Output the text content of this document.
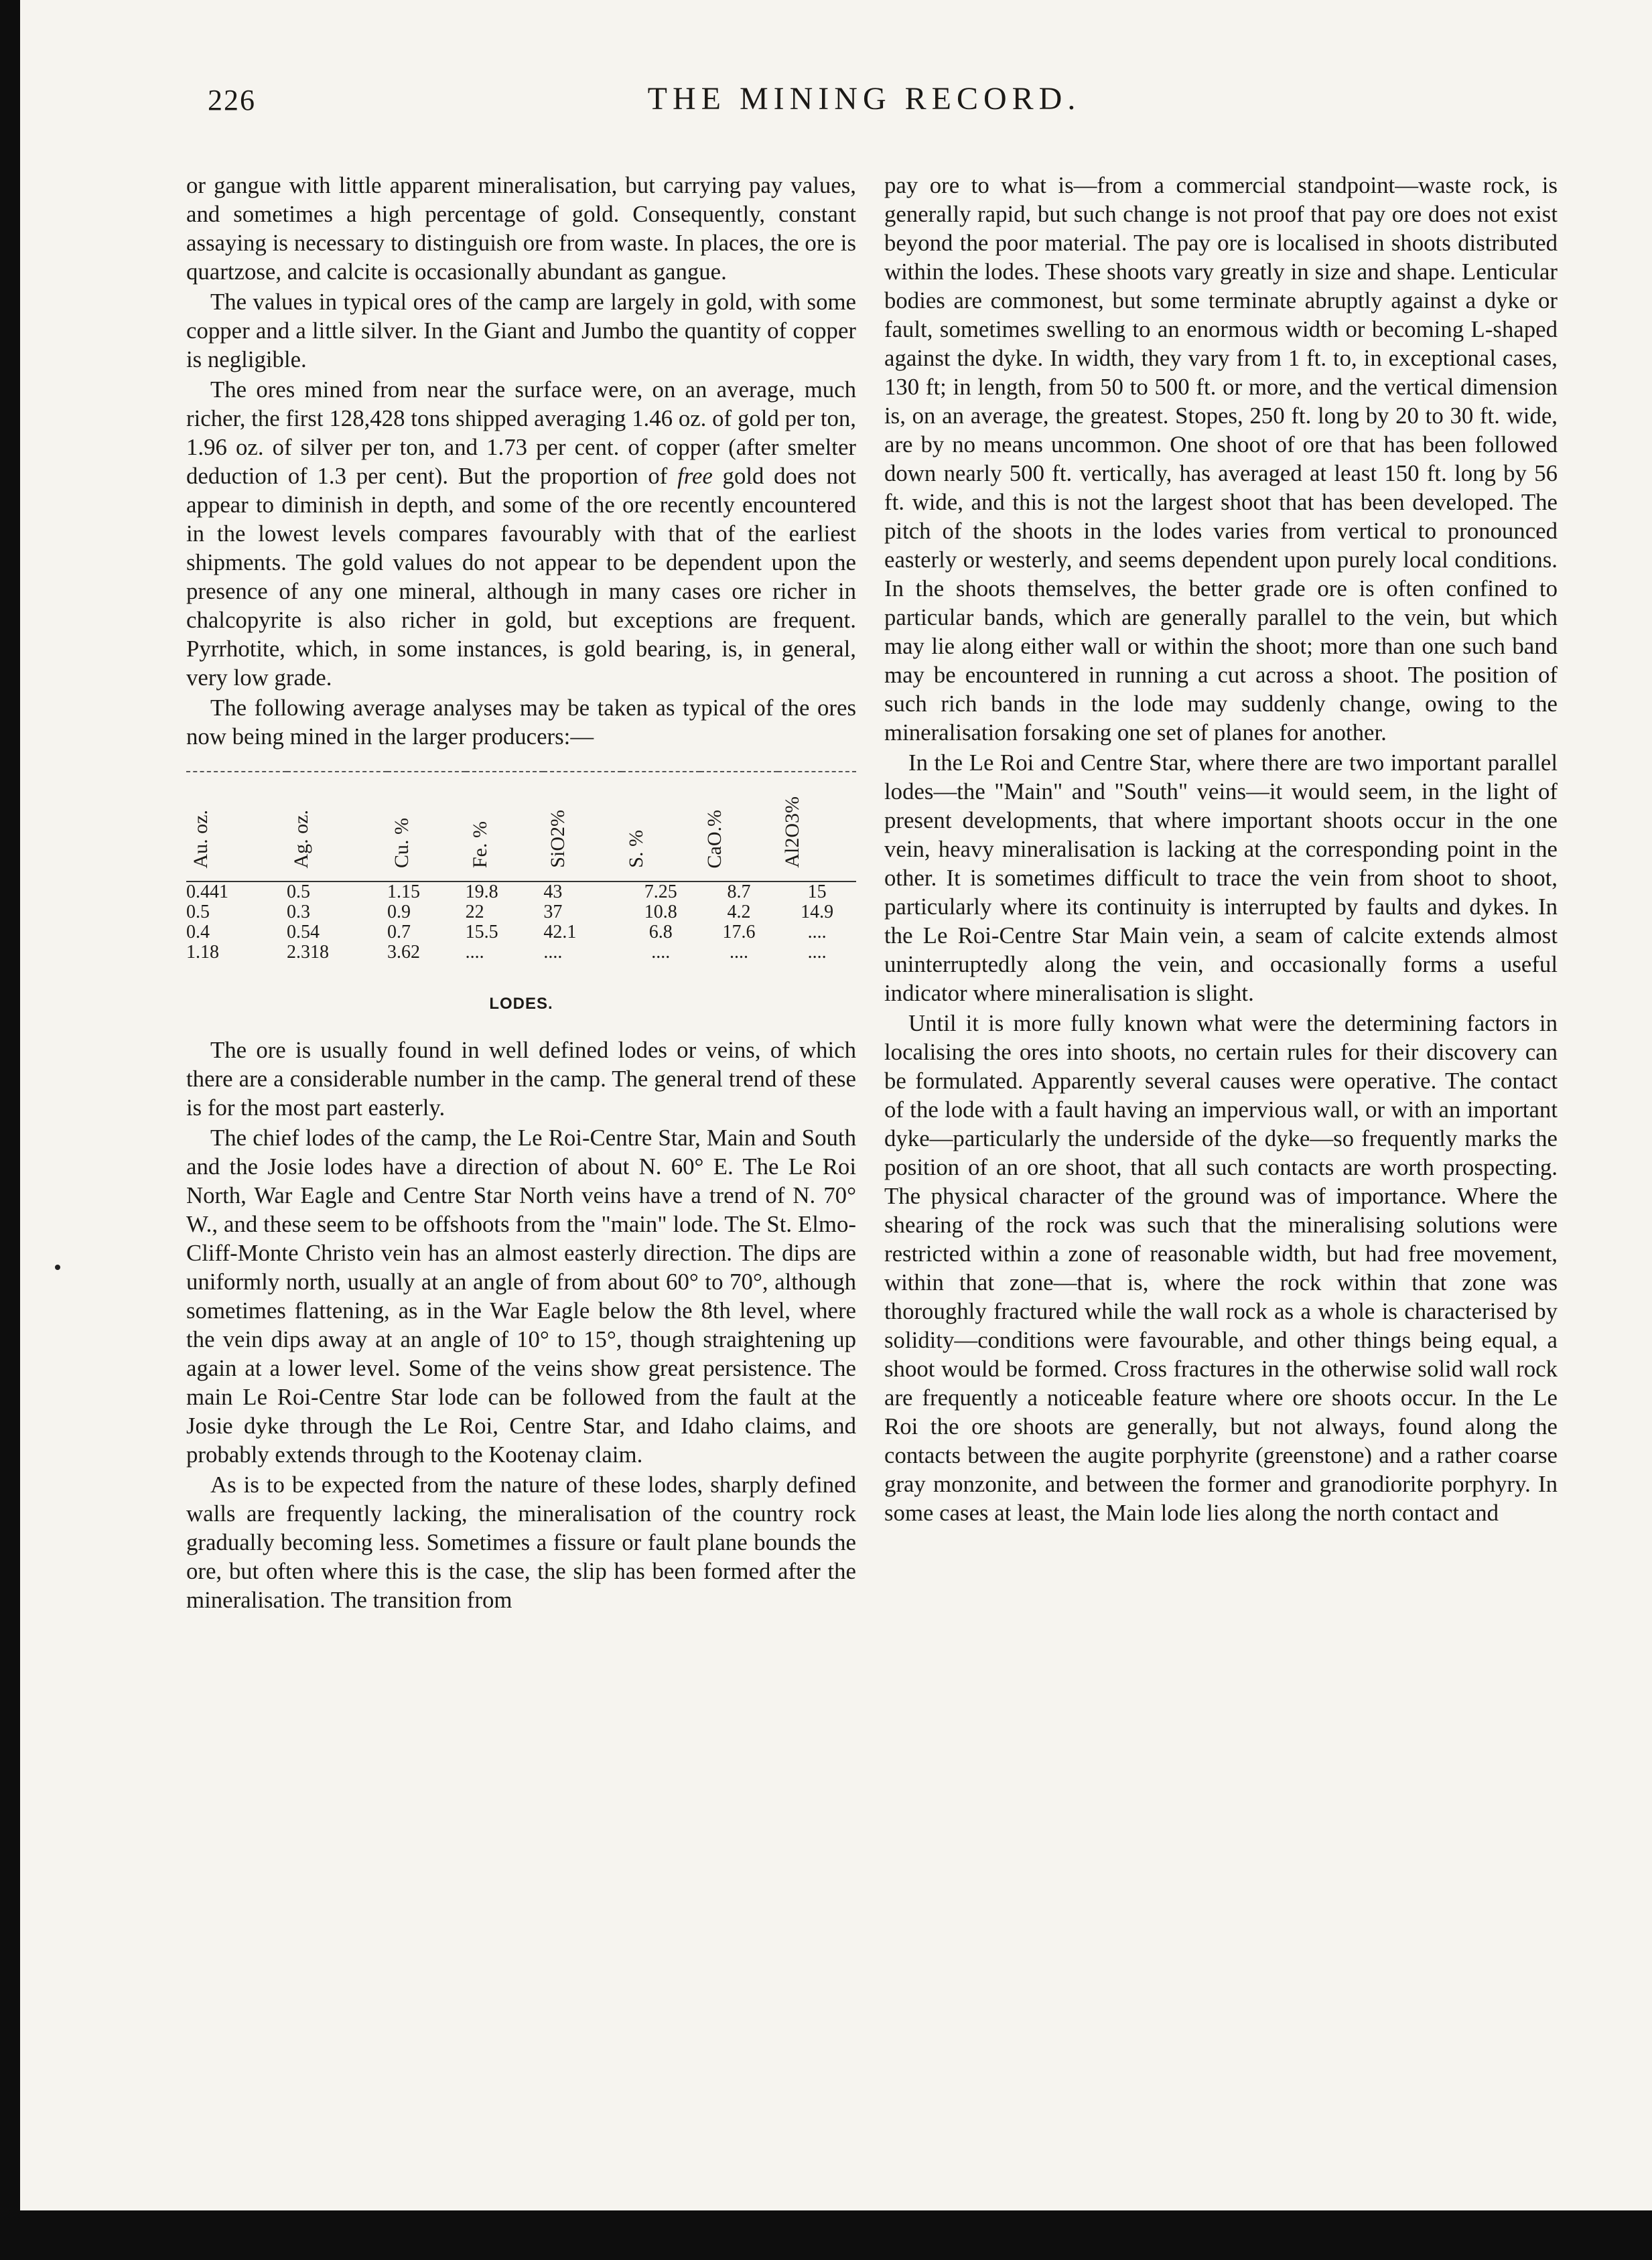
226	THE MINING RECORD.

or gangue with little apparent mineralisation, but carrying pay values, and sometimes a high percentage of gold. Consequently, constant assaying is necessary to distinguish ore from waste. In places, the ore is quartzose, and calcite is occasionally abundant as gangue.

The values in typical ores of the camp are largely in gold, with some copper and a little silver. In the Giant and Jumbo the quantity of copper is negligible.

The ores mined from near the surface were, on an average, much richer, the first 128,428 tons shipped averaging 1.46 oz. of gold per ton, 1.96 oz. of silver per ton, and 1.73 per cent. of copper (after smelter deduction of 1.3 per cent). But the proportion of free gold does not appear to diminish in depth, and some of the ore recently encountered in the lowest levels compares favourably with that of the earliest shipments. The gold values do not appear to be dependent upon the presence of any one mineral, although in many cases ore richer in chalcopyrite is also richer in gold, but exceptions are frequent. Pyrrhotite, which, in some instances, is gold bearing, is, in general, very low grade.

The following average analyses may be taken as typical of the ores now being mined in the larger producers:—

Au. oz.	Ag. oz.	Cu. %	Fe. %	SiO2%	S. %	CaO.%	Al2O3%
0.441	0.5	1.15	19.8	43	7.25	8.7	15
0.5	0.3	0.9	22	37	10.8	4.2	14.9
0.4	0.54	0.7	15.5	42.1	6.8	17.6	....
1.18	2.318	3.62	....	....	....	....	....
LODES.

The ore is usually found in well defined lodes or veins, of which there are a considerable number in the camp. The general trend of these is for the most part easterly.

The chief lodes of the camp, the Le Roi-Centre Star, Main and South and the Josie lodes have a direction of about N. 60° E. The Le Roi North, War Eagle and Centre Star North veins have a trend of N. 70° W., and these seem to be offshoots from the "main" lode. The St. Elmo-Cliff-Monte Christo vein has an almost easterly direction. The dips are uniformly north, usually at an angle of from about 60° to 70°, although sometimes flattening, as in the War Eagle below the 8th level, where the vein dips away at an angle of 10° to 15°, though straightening up again at a lower level. Some of the veins show great persistence. The main Le Roi-Centre Star lode can be followed from the fault at the Josie dyke through the Le Roi, Centre Star, and Idaho claims, and probably extends through to the Kootenay claim.

As is to be expected from the nature of these lodes, sharply defined walls are frequently lacking, the mineralisation of the country rock gradually becoming less. Sometimes a fissure or fault plane bounds the ore, but often where this is the case, the slip has been formed after the mineralisation. The transition from

pay ore to what is—from a commercial standpoint—waste rock, is generally rapid, but such change is not proof that pay ore does not exist beyond the poor material. The pay ore is localised in shoots distributed within the lodes. These shoots vary greatly in size and shape. Lenticular bodies are commonest, but some terminate abruptly against a dyke or fault, sometimes swelling to an enormous width or becoming L-shaped against the dyke. In width, they vary from 1 ft. to, in exceptional cases, 130 ft; in length, from 50 to 500 ft. or more, and the vertical dimension is, on an average, the greatest. Stopes, 250 ft. long by 20 to 30 ft. wide, are by no means uncommon. One shoot of ore that has been followed down nearly 500 ft. vertically, has averaged at least 150 ft. long by 56 ft. wide, and this is not the largest shoot that has been developed. The pitch of the shoots in the lodes varies from vertical to pronounced easterly or westerly, and seems dependent upon purely local conditions. In the shoots themselves, the better grade ore is often confined to particular bands, which are generally parallel to the vein, but which may lie along either wall or within the shoot; more than one such band may be encountered in running a cut across a shoot. The position of such rich bands in the lode may suddenly change, owing to the mineralisation forsaking one set of planes for another.

In the Le Roi and Centre Star, where there are two important parallel lodes—the "Main" and "South" veins—it would seem, in the light of present developments, that where important shoots occur in the one vein, heavy mineralisation is lacking at the corresponding point in the other. It is sometimes difficult to trace the vein from shoot to shoot, particularly where its continuity is interrupted by faults and dykes. In the Le Roi-Centre Star Main vein, a seam of calcite extends almost uninterruptedly along the vein, and occasionally forms a useful indicator where mineralisation is slight.

Until it is more fully known what were the determining factors in localising the ores into shoots, no certain rules for their discovery can be formulated. Apparently several causes were operative. The contact of the lode with a fault having an impervious wall, or with an important dyke—particularly the underside of the dyke—so frequently marks the position of an ore shoot, that all such contacts are worth prospecting. The physical character of the ground was of importance. Where the shearing of the rock was such that the mineralising solutions were restricted within a zone of reasonable width, but had free movement, within that zone—that is, where the rock within that zone was thoroughly fractured while the wall rock as a whole is characterised by solidity—conditions were favourable, and other things being equal, a shoot would be formed. Cross fractures in the otherwise solid wall rock are frequently a noticeable feature where ore shoots occur. In the Le Roi the ore shoots are generally, but not always, found along the contacts between the augite porphyrite (greenstone) and a rather coarse gray monzonite, and between the former and granodiorite porphyry. In some cases at least, the Main lode lies along the north contact and
